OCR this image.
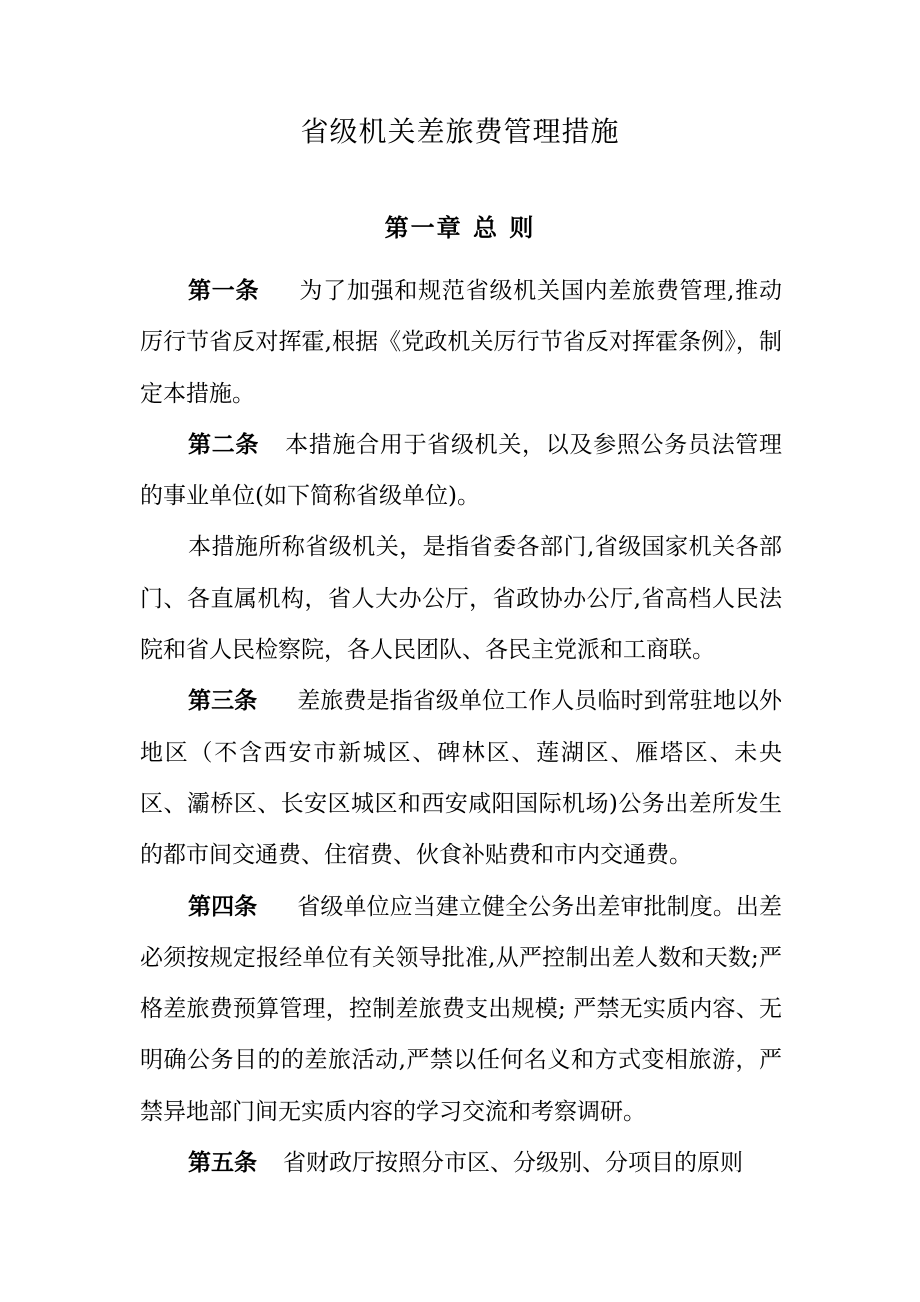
省级机关差旅费管理措施
第一章 总 则

第一条 为了加强和规范省级机关国内差旅费管理,推动厉行节省反对挥霍,根据《党政机关厉行节省反对挥霍条例》，制定本措施。

第二条 本措施合用于省级机关，以及参照公务员法管理的事业单位(如下简称省级单位)。

本措施所称省级机关，是指省委各部门,省级国家机关各部门、各直属机构，省人大办公厅，省政协办公厅,省高档人民法院和省人民检察院，各人民团队、各民主党派和工商联。

第三条 差旅费是指省级单位工作人员临时到常驻地以外地区（不含西安市新城区、碑林区、莲湖区、雁塔区、未央区、灞桥区、长安区城区和西安咸阳国际机场)公务出差所发生的都市间交通费、住宿费、伙食补贴费和市内交通费。

第四条 省级单位应当建立健全公务出差审批制度。出差必须按规定报经单位有关领导批准,从严控制出差人数和天数;严格差旅费预算管理，控制差旅费支出规模; 严禁无实质内容、无明确公务目的的差旅活动,严禁以任何名义和方式变相旅游，严禁异地部门间无实质内容的学习交流和考察调研。

第五条 省财政厅按照分市区、分级别、分项目的原则
